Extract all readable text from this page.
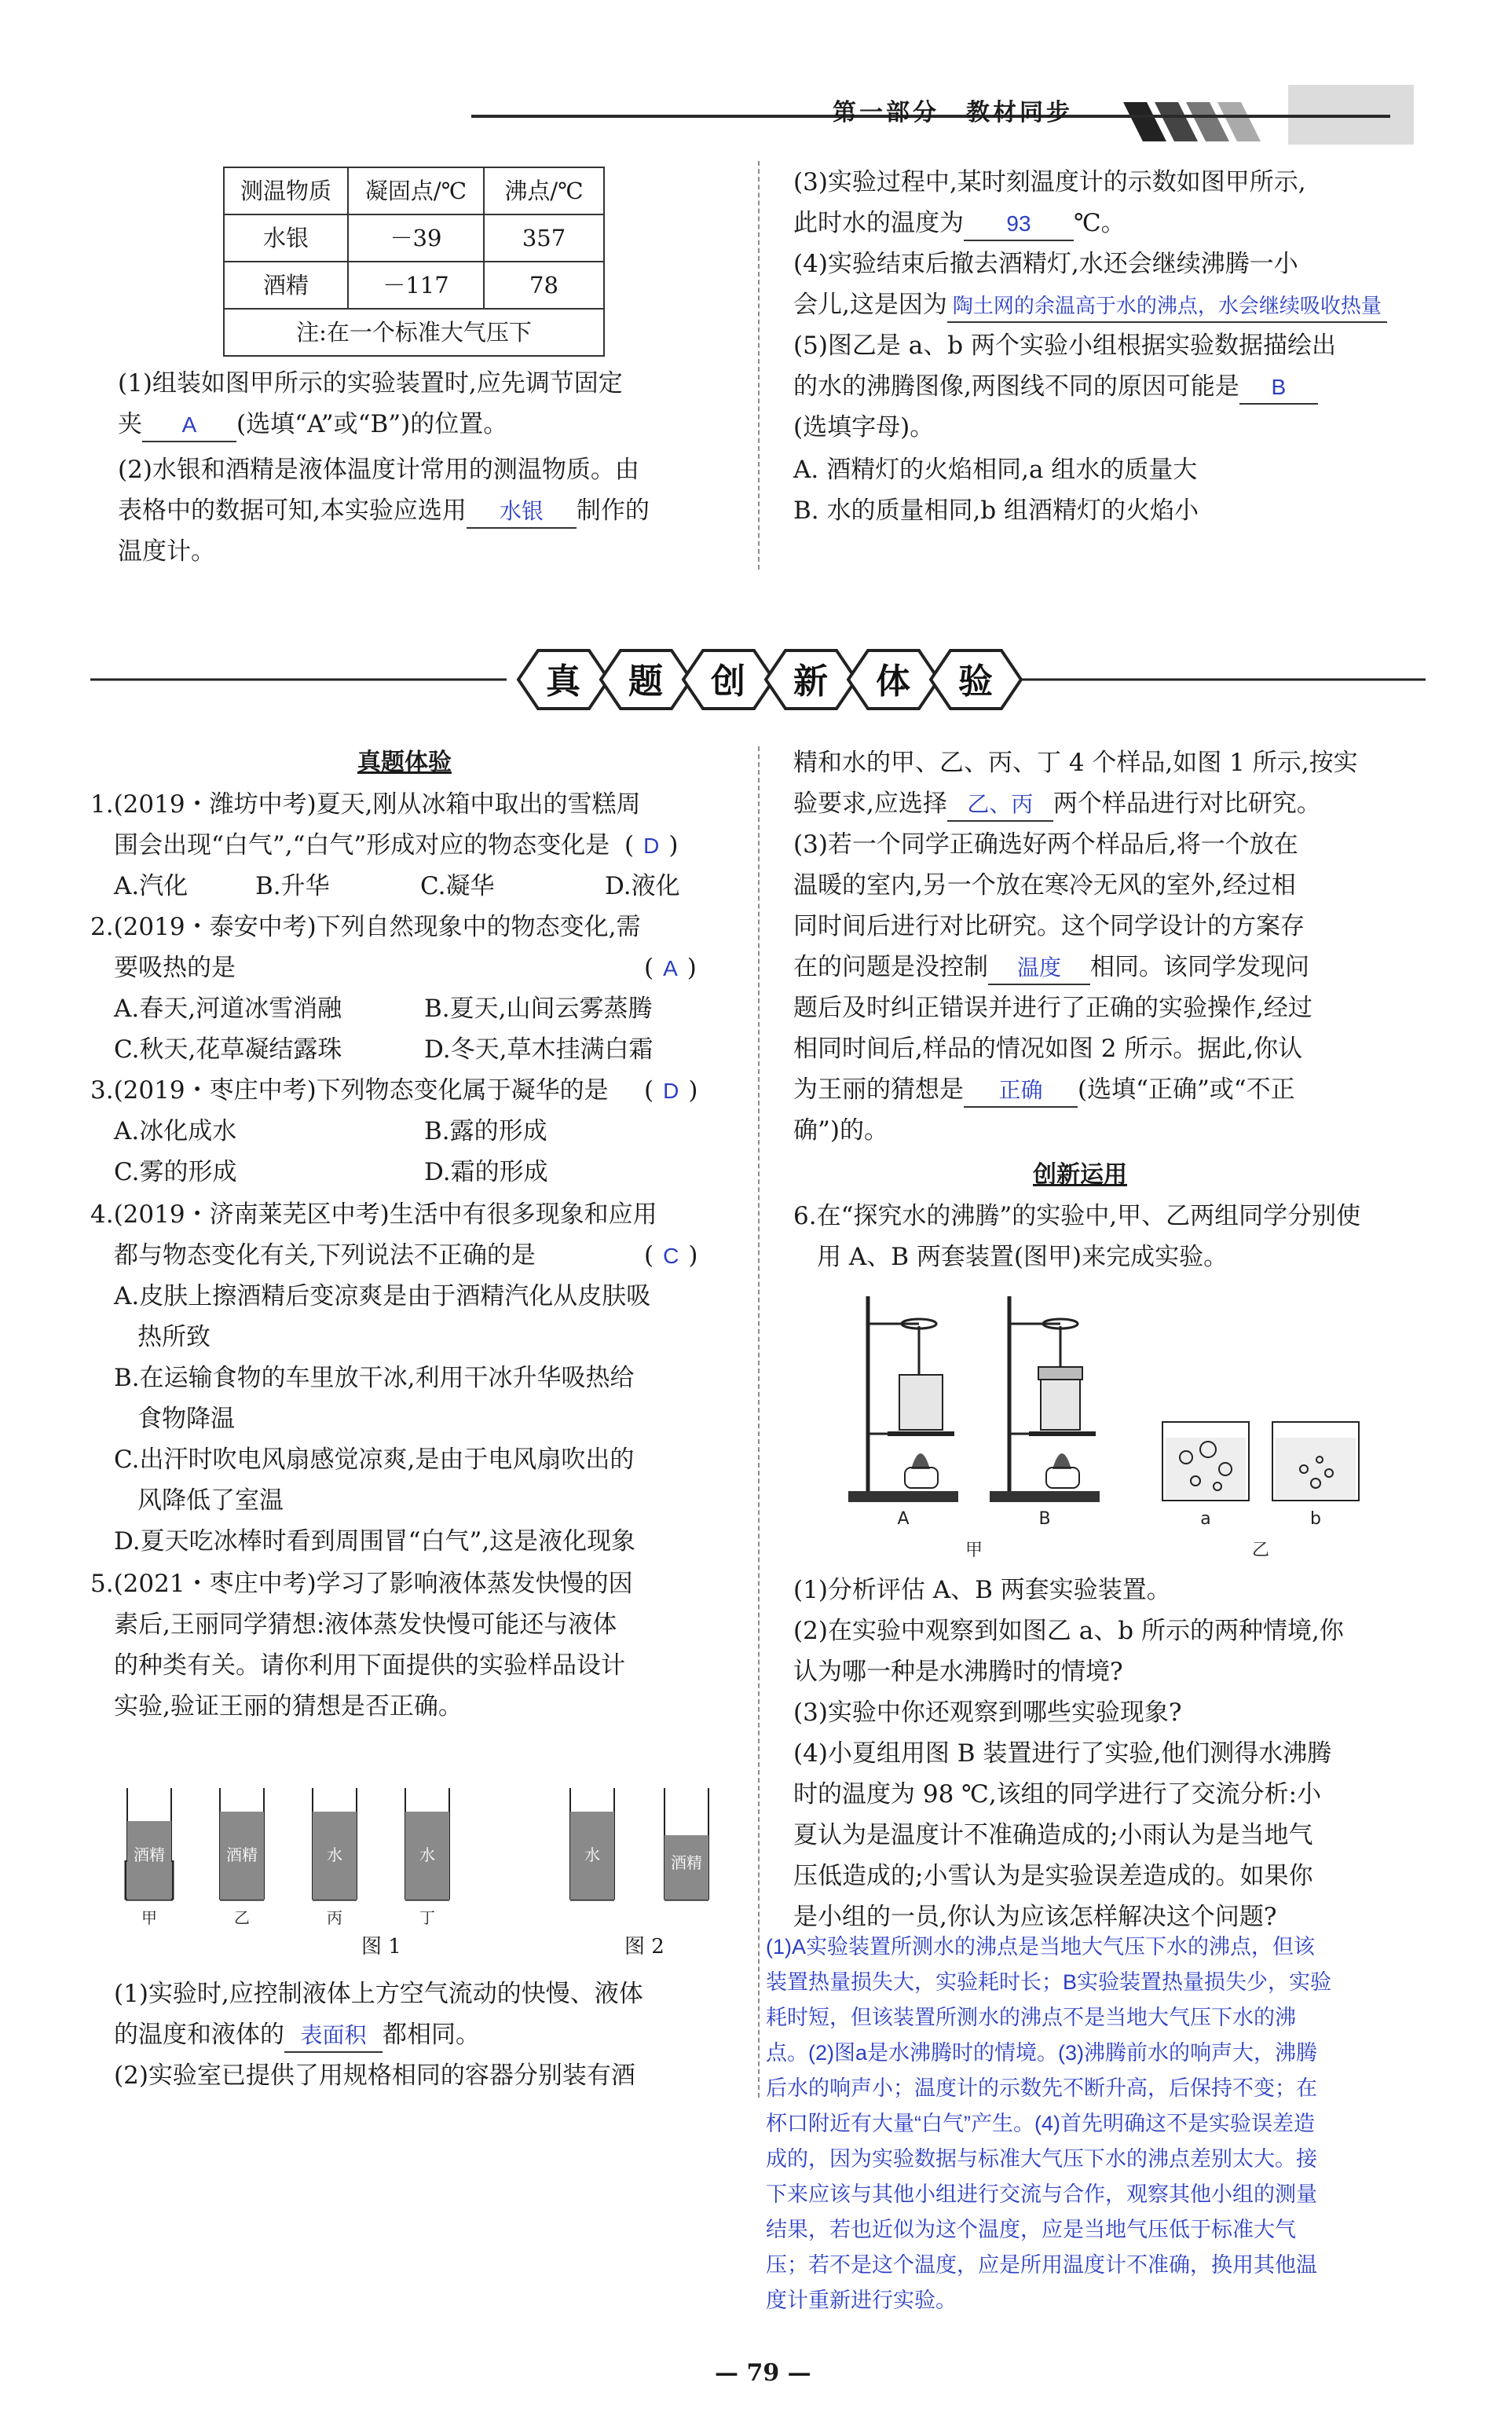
第一部分　教材同步
测温物质	凝固点/℃	沸点/℃
水银	－39	357
酒精	－117	78
注:在一个标准大气压下		
(1)组装如图甲所示的实验装置时,应先调节固定
夹 A (选填“A”或“B”)的位置。
(2)水银和酒精是液体温度计常用的测温物质。由
表格中的数据可知,本实验应选用 水银 制作的
温度计。
(3)实验过程中,某时刻温度计的示数如图甲所示,
此时水的温度为 93 ℃。
(4)实验结束后撤去酒精灯,水还会继续沸腾一小
会儿,这是因为 陶土网的余温高于水的沸点，水会继续吸收热量
(5)图乙是 a、b 两个实验小组根据实验数据描绘出
的水的沸腾图像,两图线不同的原因可能是 B
(选填字母)。
A. 酒精灯的火焰相同,a 组水的质量大
B. 水的质量相同,b 组酒精灯的火焰小
真 题 创 新 体 验
真题体验
1.(2019・潍坊中考)夏天,刚从冰箱中取出的雪糕周
围会出现“白气”,“白气”形成对应的物态变化是 ( D )
A.汽化	B.升华	C.凝华	D.液化
2.(2019・泰安中考)下列自然现象中的物态变化,需
要吸热的是	( A )
A.春天,河道冰雪消融	B.夏天,山间云雾蒸腾
C.秋天,花草凝结露珠	D.冬天,草木挂满白霜
3.(2019・枣庄中考)下列物态变化属于凝华的是 ( D )
A.冰化成水	B.露的形成
C.雾的形成	D.霜的形成
4.(2019・济南莱芜区中考)生活中有很多现象和应用
都与物态变化有关,下列说法不正确的是	( C )
A.皮肤上擦酒精后变凉爽是由于酒精汽化从皮肤吸
热所致
B.在运输食物的车里放干冰,利用干冰升华吸热给
食物降温
C.出汗时吹电风扇感觉凉爽,是由于电风扇吹出的
风降低了室温
D.夏天吃冰棒时看到周围冒“白气”,这是液化现象
5.(2021・枣庄中考)学习了影响液体蒸发快慢的因
素后,王丽同学猜想:液体蒸发快慢可能还与液体
的种类有关。请你利用下面提供的实验样品设计
实验,验证王丽的猜想是否正确。
酒精	酒精	水	水
甲	乙	丙	丁
水	酒精
图 1	图 2
(1)实验时,应控制液体上方空气流动的快慢、液体
的温度和液体的 表面积 都相同。
(2)实验室已提供了用规格相同的容器分别装有酒
精和水的甲、乙、丙、丁 4 个样品,如图 1 所示,按实
验要求,应选择 乙、丙 两个样品进行对比研究。
(3)若一个同学正确选好两个样品后,将一个放在
温暖的室内,另一个放在寒冷无风的室外,经过相
同时间后进行对比研究。这个同学设计的方案存
在的问题是没控制 温度 相同。该同学发现问
题后及时纠正错误并进行了正确的实验操作,经过
相同时间后,样品的情况如图 2 所示。据此,你认
为王丽的猜想是 正确 (选填“正确”或“不正
确”)的。
创新运用
6.在“探究水的沸腾”的实验中,甲、乙两组同学分别使
用 A、B 两套装置(图甲)来完成实验。
A	B	a	b
甲	乙
(1)分析评估 A、B 两套实验装置。
(2)在实验中观察到如图乙 a、b 所示的两种情境,你
认为哪一种是水沸腾时的情境?
(3)实验中你还观察到哪些实验现象?
(4)小夏组用图 B 装置进行了实验,他们测得水沸腾
时的温度为 98 ℃,该组的同学进行了交流分析:小
夏认为是温度计不准确造成的;小雨认为是当地气
压低造成的;小雪认为是实验误差造成的。如果你
是小组的一员,你认为应该怎样解决这个问题?
(1)A实验装置所测水的沸点是当地大气压下水的沸点，但该
装置热量损失大，实验耗时长；B实验装置热量损失少，实验
耗时短，但该装置所测水的沸点不是当地大气压下水的沸
点。(2)图a是水沸腾时的情境。(3)沸腾前水的响声大，沸腾
后水的响声小；温度计的示数先不断升高，后保持不变；在
杯口附近有大量“白气”产生。(4)首先明确这不是实验误差造
成的，因为实验数据与标准大气压下水的沸点差别太大。接
下来应该与其他小组进行交流与合作，观察其他小组的测量
结果，若也近似为这个温度，应是当地气压低于标准大气
压；若不是这个温度，应是所用温度计不准确，换用其他温
度计重新进行实验。
— 79 —
